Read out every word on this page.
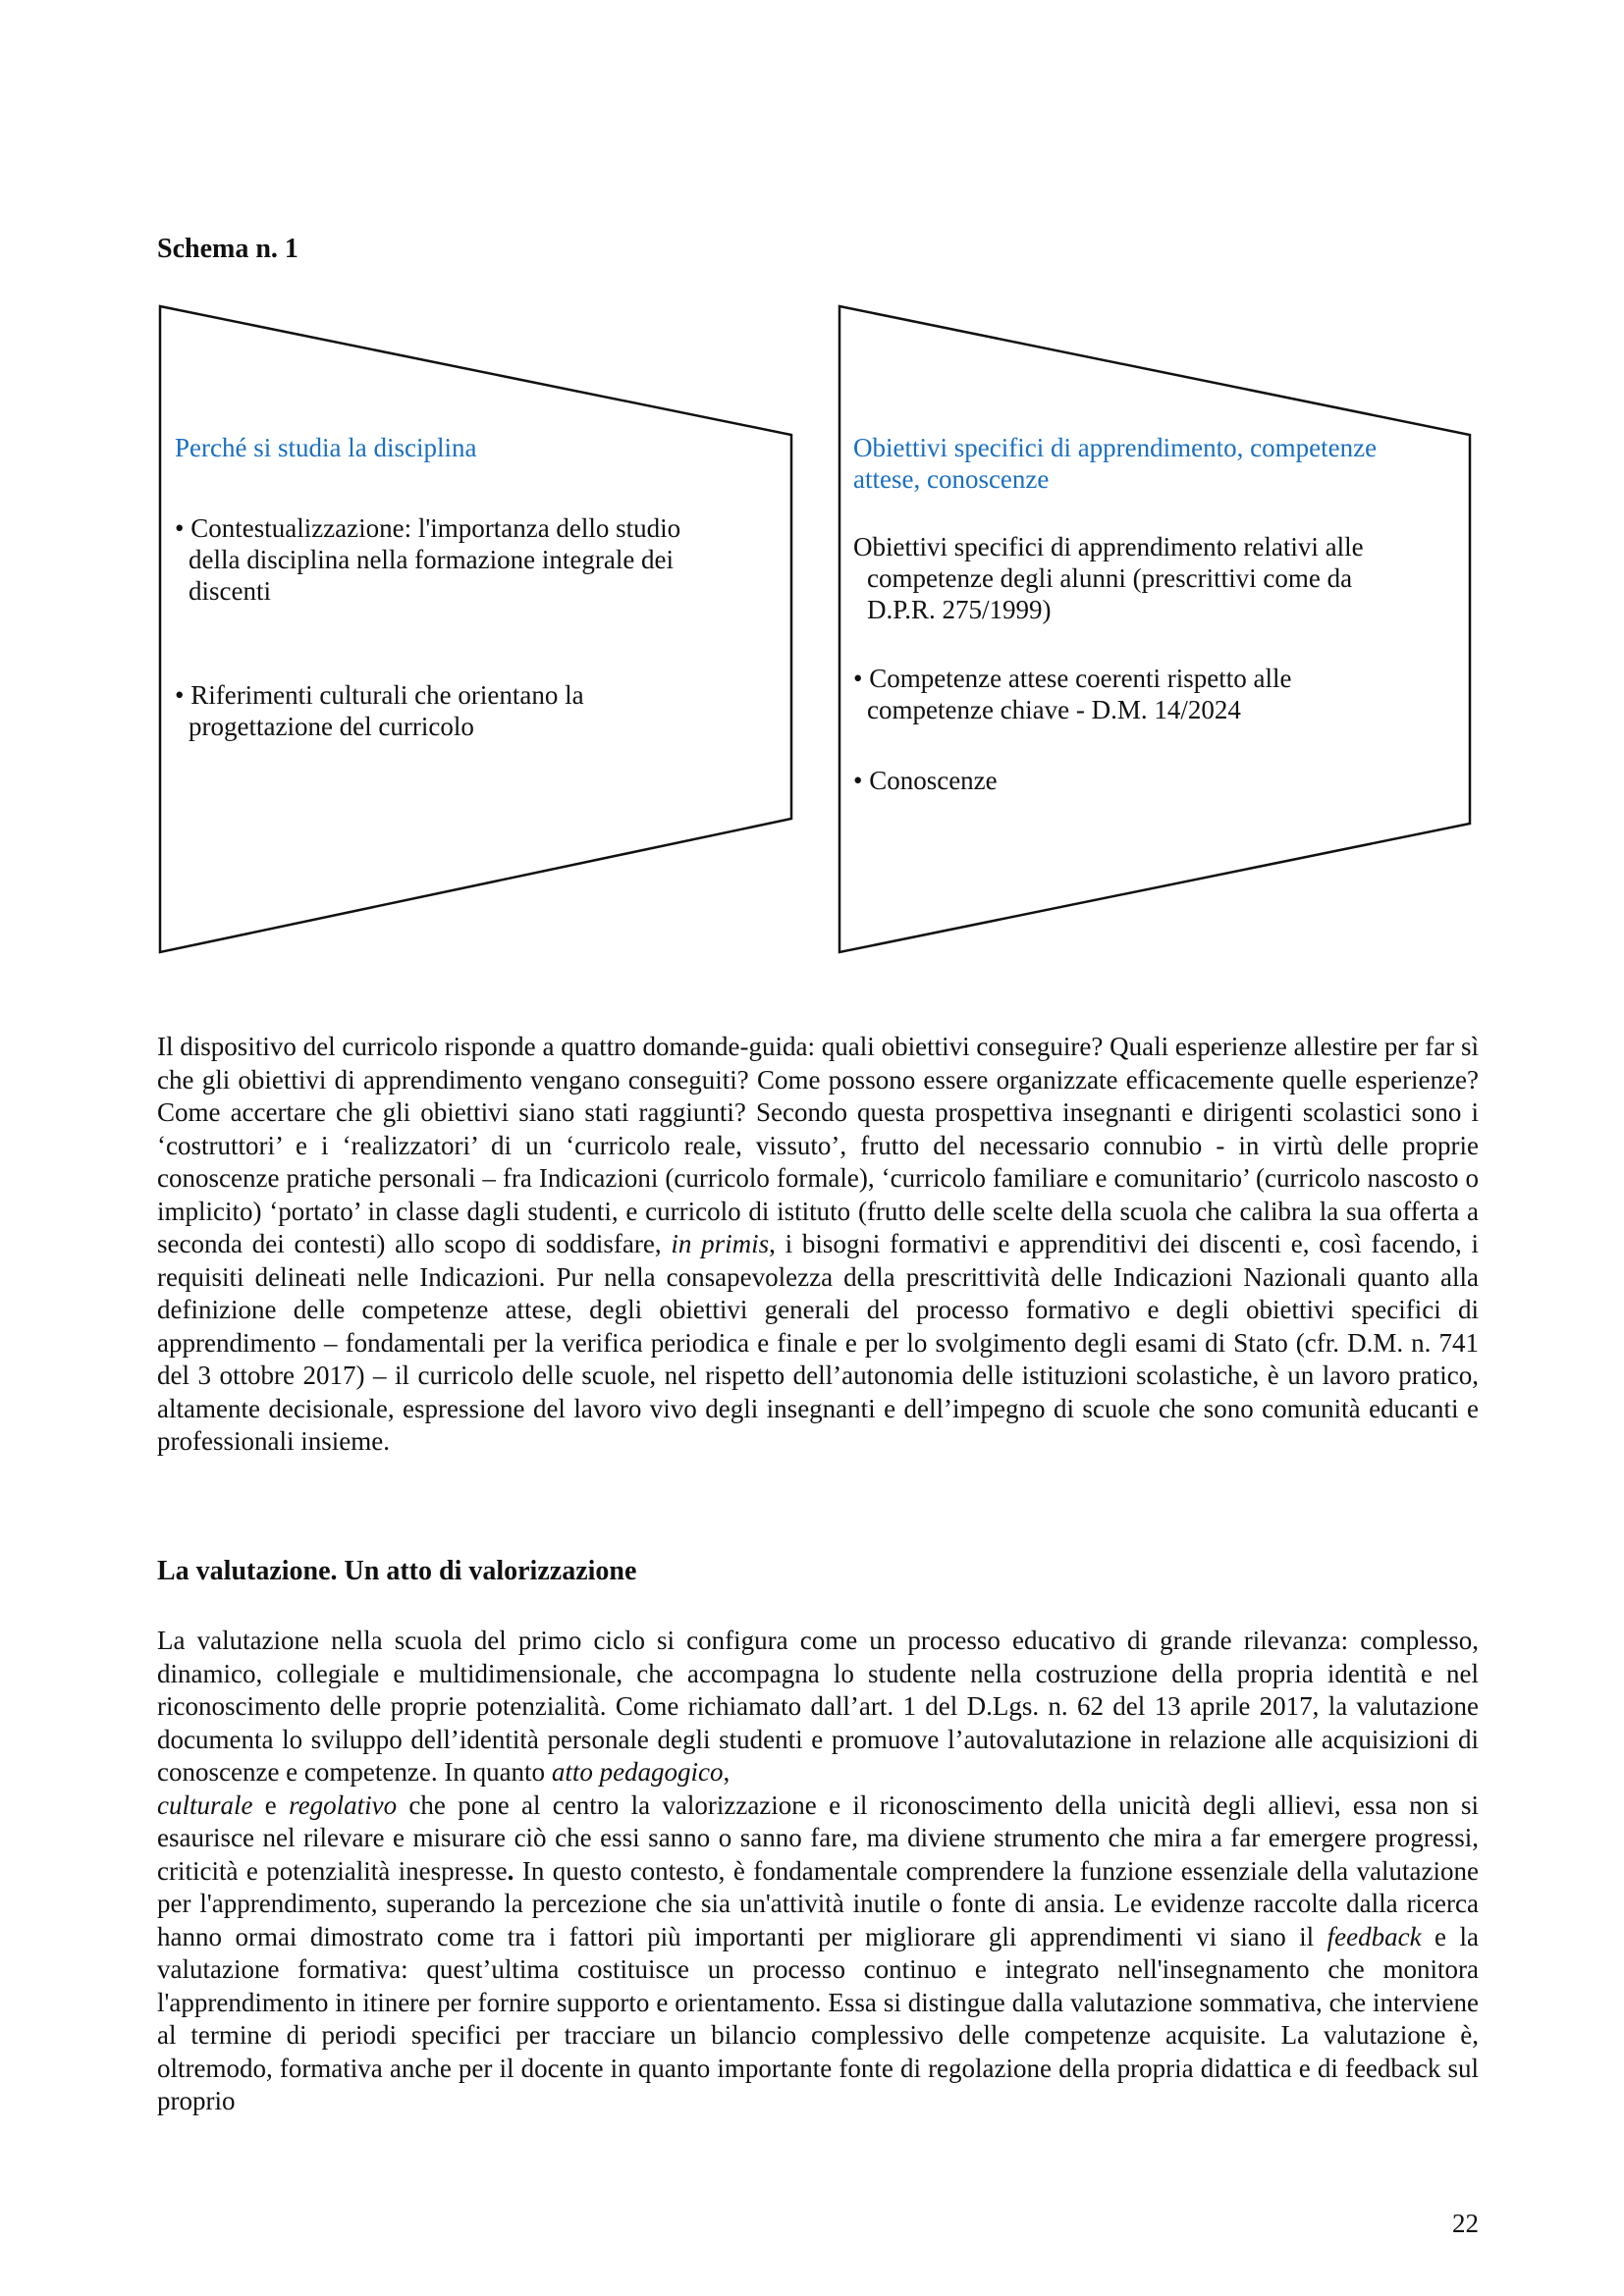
Schema n. 1
Perché si studia la disciplina
• Contestualizzazione: l'importanza dello studio
della disciplina nella formazione integrale dei
discenti
• Riferimenti culturali che orientano la
progettazione del curricolo
Obiettivi specifici di apprendimento, competenze
attese, conoscenze
Obiettivi specifici di apprendimento relativi alle
competenze degli alunni (prescrittivi come da
D.P.R. 275/1999)
• Competenze attese coerenti rispetto alle
competenze chiave - D.M. 14/2024
• Conoscenze

Il dispositivo del curricolo risponde a quattro domande-guida: quali obiettivi conseguire? Quali esperienze allestire per far sì che gli obiettivi di apprendimento vengano conseguiti? Come possono essere organizzate efficacemente quelle esperienze? Come accertare che gli obiettivi siano stati raggiunti? Secondo questa prospettiva insegnanti e dirigenti scolastici sono i ‘costruttori’ e i ‘realizzatori’ di un ‘curricolo reale, vissuto’, frutto del necessario connubio - in virtù delle proprie conoscenze pratiche personali – fra Indicazioni (curricolo formale), ‘curricolo familiare e comunitario’ (curricolo nascosto o implicito) ‘portato’ in classe dagli studenti, e curricolo di istituto (frutto delle scelte della scuola che calibra la sua offerta a seconda dei contesti) allo scopo di soddisfare, in primis, i bisogni formativi e apprenditivi dei discenti e, così facendo, i requisiti delineati nelle Indicazioni. Pur nella consapevolezza della prescrittività delle Indicazioni Nazionali quanto alla definizione delle competenze attese, degli obiettivi generali del processo formativo e degli obiettivi specifici di apprendimento – fondamentali per la verifica periodica e finale e per lo svolgimento degli esami di Stato (cfr. D.M. n. 741 del 3 ottobre 2017) – il curricolo delle scuole, nel rispetto dell’autonomia delle istituzioni scolastiche, è un lavoro pratico, altamente decisionale, espressione del lavoro vivo degli insegnanti e dell’impegno di scuole che sono comunità educanti e professionali insieme.

La valutazione. Un atto di valorizzazione

La valutazione nella scuola del primo ciclo si configura come un processo educativo di grande rilevanza: complesso, dinamico, collegiale e multidimensionale, che accompagna lo studente nella costruzione della propria identità e nel riconoscimento delle proprie potenzialità. Come richiamato dall’art. 1 del D.Lgs. n. 62 del 13 aprile 2017, la valutazione documenta lo sviluppo dell’identità personale degli studenti e promuove l’autovalutazione in relazione alle acquisizioni di conoscenze e competenze. In quanto atto pedagogico,
culturale e regolativo che pone al centro la valorizzazione e il riconoscimento della unicità degli allievi, essa non si esaurisce nel rilevare e misurare ciò che essi sanno o sanno fare, ma diviene strumento che mira a far emergere progressi, criticità e potenzialità inespresse. In questo contesto, è fondamentale comprendere la funzione essenziale della valutazione per l'apprendimento, superando la percezione che sia un'attività inutile o fonte di ansia. Le evidenze raccolte dalla ricerca hanno ormai dimostrato come tra i fattori più importanti per migliorare gli apprendimenti vi siano il feedback e la valutazione formativa: quest’ultima costituisce un processo continuo e integrato nell'insegnamento che monitora l'apprendimento in itinere per fornire supporto e orientamento. Essa si distingue dalla valutazione sommativa, che interviene al termine di periodi specifici per tracciare un bilancio complessivo delle competenze acquisite. La valutazione è, oltremodo, formativa anche per il docente in quanto importante fonte di regolazione della propria didattica e di feedback sul proprio

22
